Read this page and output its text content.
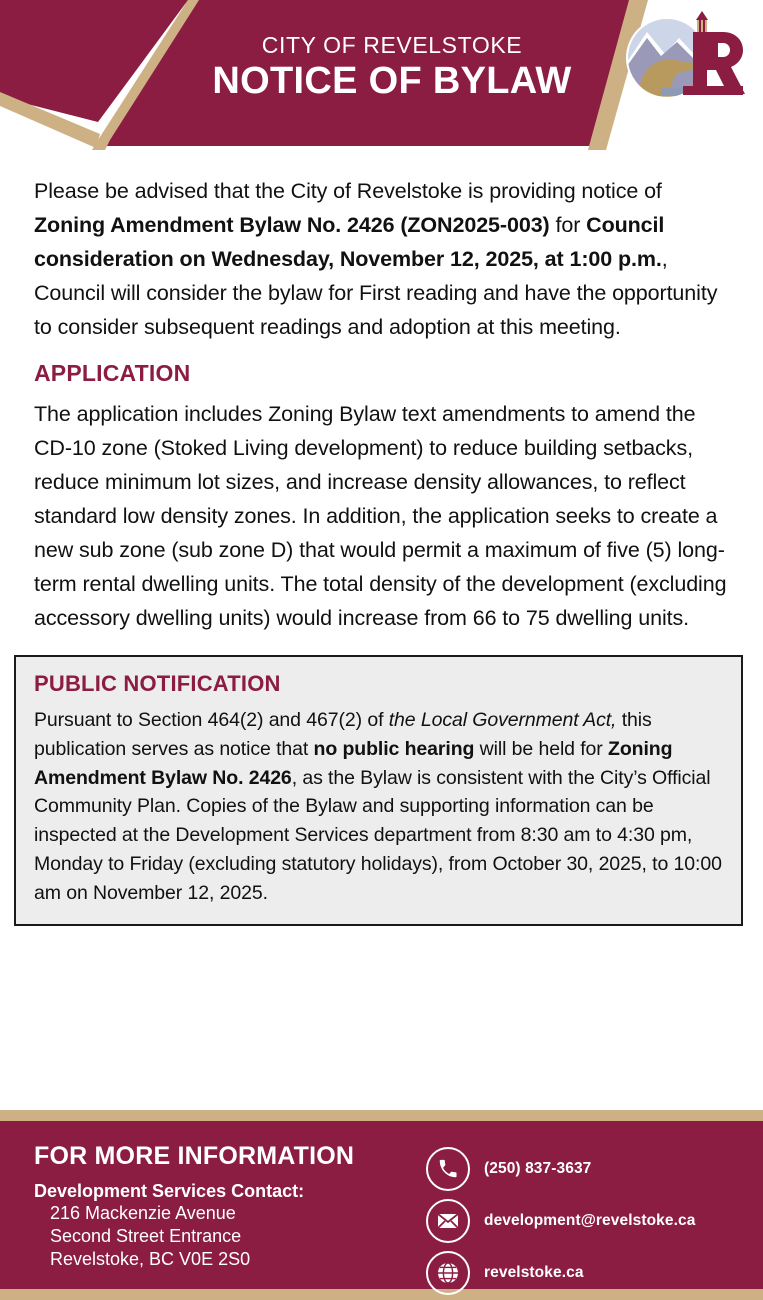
CITY OF REVELSTOKE
NOTICE OF BYLAW

Please be advised that the City of Revelstoke is providing notice of Zoning Amendment Bylaw No. 2426 (ZON2025-003) for Council consideration on Wednesday, November 12, 2025, at 1:00 p.m., Council will consider the bylaw for First reading and have the opportunity to consider subsequent readings and adoption at this meeting.

APPLICATION

The application includes Zoning Bylaw text amendments to amend the CD-10 zone (Stoked Living development) to reduce building setbacks, reduce minimum lot sizes, and increase density allowances, to reflect standard low density zones. In addition, the application seeks to create a new sub zone (sub zone D) that would permit a maximum of five (5) long-term rental dwelling units. The total density of the development (excluding accessory dwelling units) would increase from 66 to 75 dwelling units.

PUBLIC NOTIFICATION

Pursuant to Section 464(2) and 467(2) of the Local Government Act, this publication serves as notice that no public hearing will be held for Zoning Amendment Bylaw No. 2426, as the Bylaw is consistent with the City’s Official Community Plan. Copies of the Bylaw and supporting information can be inspected at the Development Services department from 8:30 am to 4:30 pm, Monday to Friday (excluding statutory holidays), from October 30, 2025, to 10:00 am on November 12, 2025.

FOR MORE INFORMATION
Development Services Contact:
216 Mackenzie Avenue
Second Street Entrance
Revelstoke, BC V0E 2S0
(250) 837-3637
development@revelstoke.ca
revelstoke.ca
